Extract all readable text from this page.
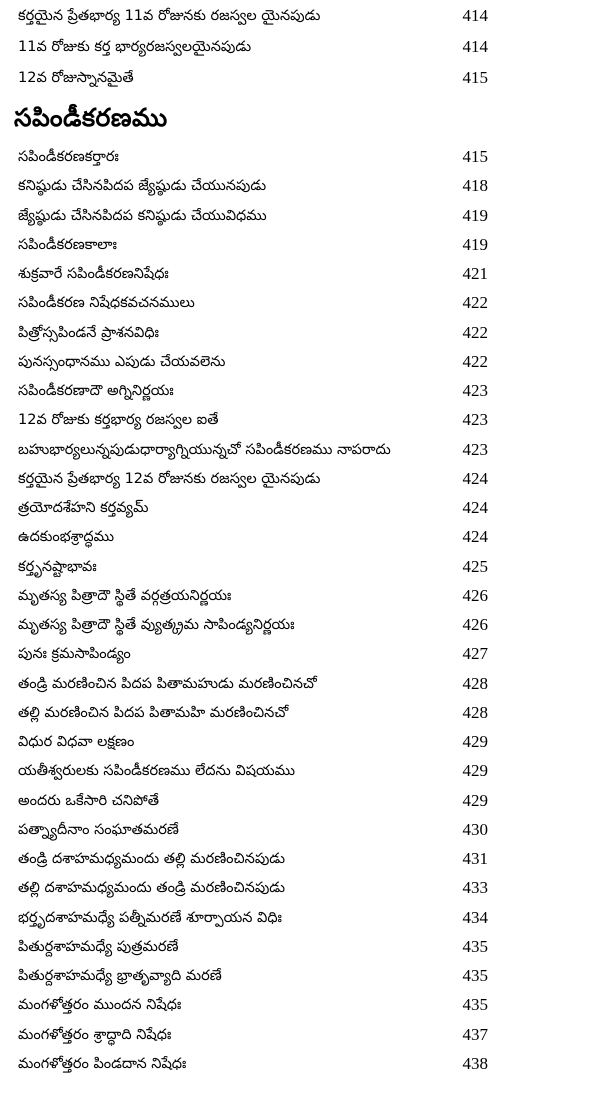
కర్తయైన ప్రేతభార్య 11వ రోజునకు రజస్వల యైనపుడు	414
11వ రోజుకు కర్త భార్యరజస్వలయైనపుడు	414
12వ రోజుస్నానమైతే	415
సపిండీకరణకర్తారః	415
కనిష్ఠుడు చేసినపిదప జ్యేష్ఠుడు చేయునపుడు	418
జ్యేష్ఠుడు చేసినపిదప కనిష్ఠుడు చేయువిధము	419
సపిండీకరణకాలాః	419
శుక్రవారే సపిండీకరణనిషేధః	421
సపిండీకరణ నిషేధకవచనములు	422
పిత్రోస్సపిండనే ప్రాశనవిధిః	422
పునస్సంధానము ఎపుడు చేయవలెను	422
సపిండీకరణాదౌ అగ్నినిర్ణయః	423
12వ రోజుకు కర్తభార్య రజస్వల ఐతే	423
బహుభార్యలున్నపుడుధార్యాగ్నియున్నచో సపిండీకరణము నాపరాదు	423
కర్తయైన ప్రేతభార్య 12వ రోజునకు రజస్వల యైనపుడు	424
త్రయోదశేహని కర్తవ్యమ్	424
ఉదకుంభశ్రాద్ధము	424
కర్తృనష్టాభావః	425
మృతస్య పిత్రాదౌ స్థితే వర్గత్రయనిర్ణయః	426
మృతస్య పిత్రాదౌ స్థితే వ్యుత్క్రమ సాపిండ్యనిర్ణయః	426
పునః క్రమసాపిండ్యం	427
తండ్రి మరణించిన పిదప పితామహుడు మరణించినచో	428
తల్లి మరణించిన పిదప పితామహి మరణించినచో	428
విధుర విధవా లక్షణం	429
యతీశ్వరులకు సపిండీకరణము లేదను విషయము	429
అందరు ఒకేసారి చనిపోతే	429
పత్న్యాదీనాం సంఘాతమరణే	430
తండ్రి దశాహమధ్యమందు తల్లి మరణించినపుడు	431
తల్లి దశాహమధ్యమందు తండ్రి మరణించినపుడు	433
భర్తృదశాహమధ్యే పత్నీమరణే శూర్పాయన విధిః	434
పితుర్దశాహమధ్యే పుత్రమరణే	435
పితుర్దశాహమధ్యే భ్రాతృవ్యాది మరణే	435
మంగళోత్తరం ముందన నిషేధః	435
మంగళోత్తరం శ్రాద్ధాది నిషేధః	437
మంగళోత్తరం పిండదాన నిషేధః	438
సపిండీకరణము
